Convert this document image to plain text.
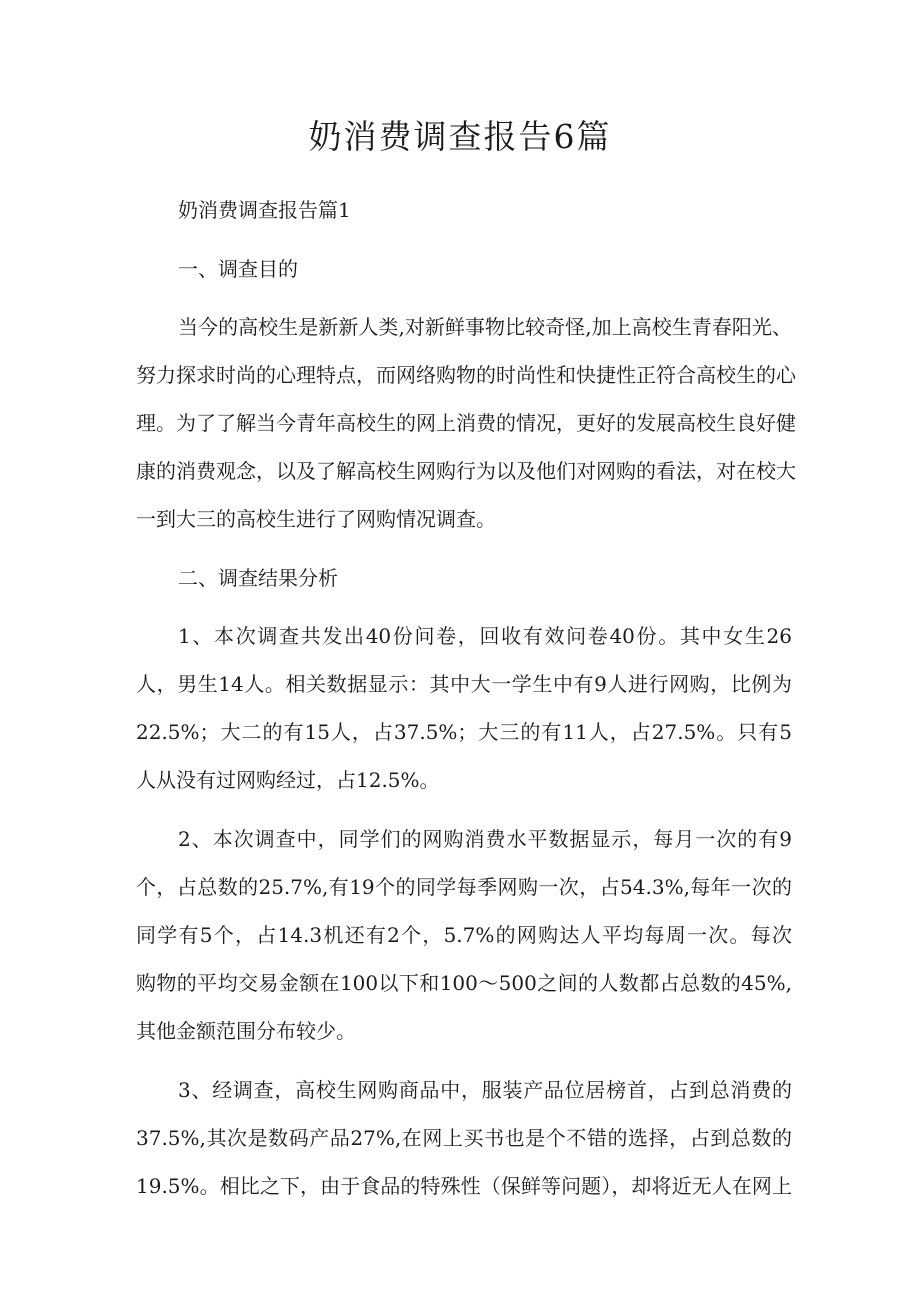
奶消费调查报告6篇

奶消费调查报告篇1

一、调查目的

当今的高校生是新新人类,对新鲜事物比较奇怪,加上高校生青春阳光、

努力探求时尚的心理特点，而网络购物的时尚性和快捷性正符合高校生的心

理。为了了解当今青年高校生的网上消费的情况，更好的发展高校生良好健

康的消费观念，以及了解高校生网购行为以及他们对网购的看法，对在校大

一到大三的高校生进行了网购情况调查。

二、调查结果分析

1、本次调查共发出40份问卷，回收有效问卷40份。其中女生26

人，男生14人。相关数据显示：其中大一学生中有9人进行网购，比例为

22.5%；大二的有15人，占37.5%；大三的有11人，占27.5%。只有5

人从没有过网购经过，占12.5%。

2、本次调查中，同学们的网购消费水平数据显示，每月一次的有9

个，占总数的25.7%,有19个的同学每季网购一次，占54.3%,每年一次的

同学有5个，占14.3机还有2个，5.7%的网购达人平均每周一次。每次

购物的平均交易金额在100以下和100～500之间的人数都占总数的45%,

其他金额范围分布较少。

3、经调查，高校生网购商品中，服装产品位居榜首，占到总消费的

37.5%,其次是数码产品27%,在网上买书也是个不错的选择，占到总数的

19.5%。相比之下，由于食品的特殊性（保鲜等问题），却将近无人在网上
